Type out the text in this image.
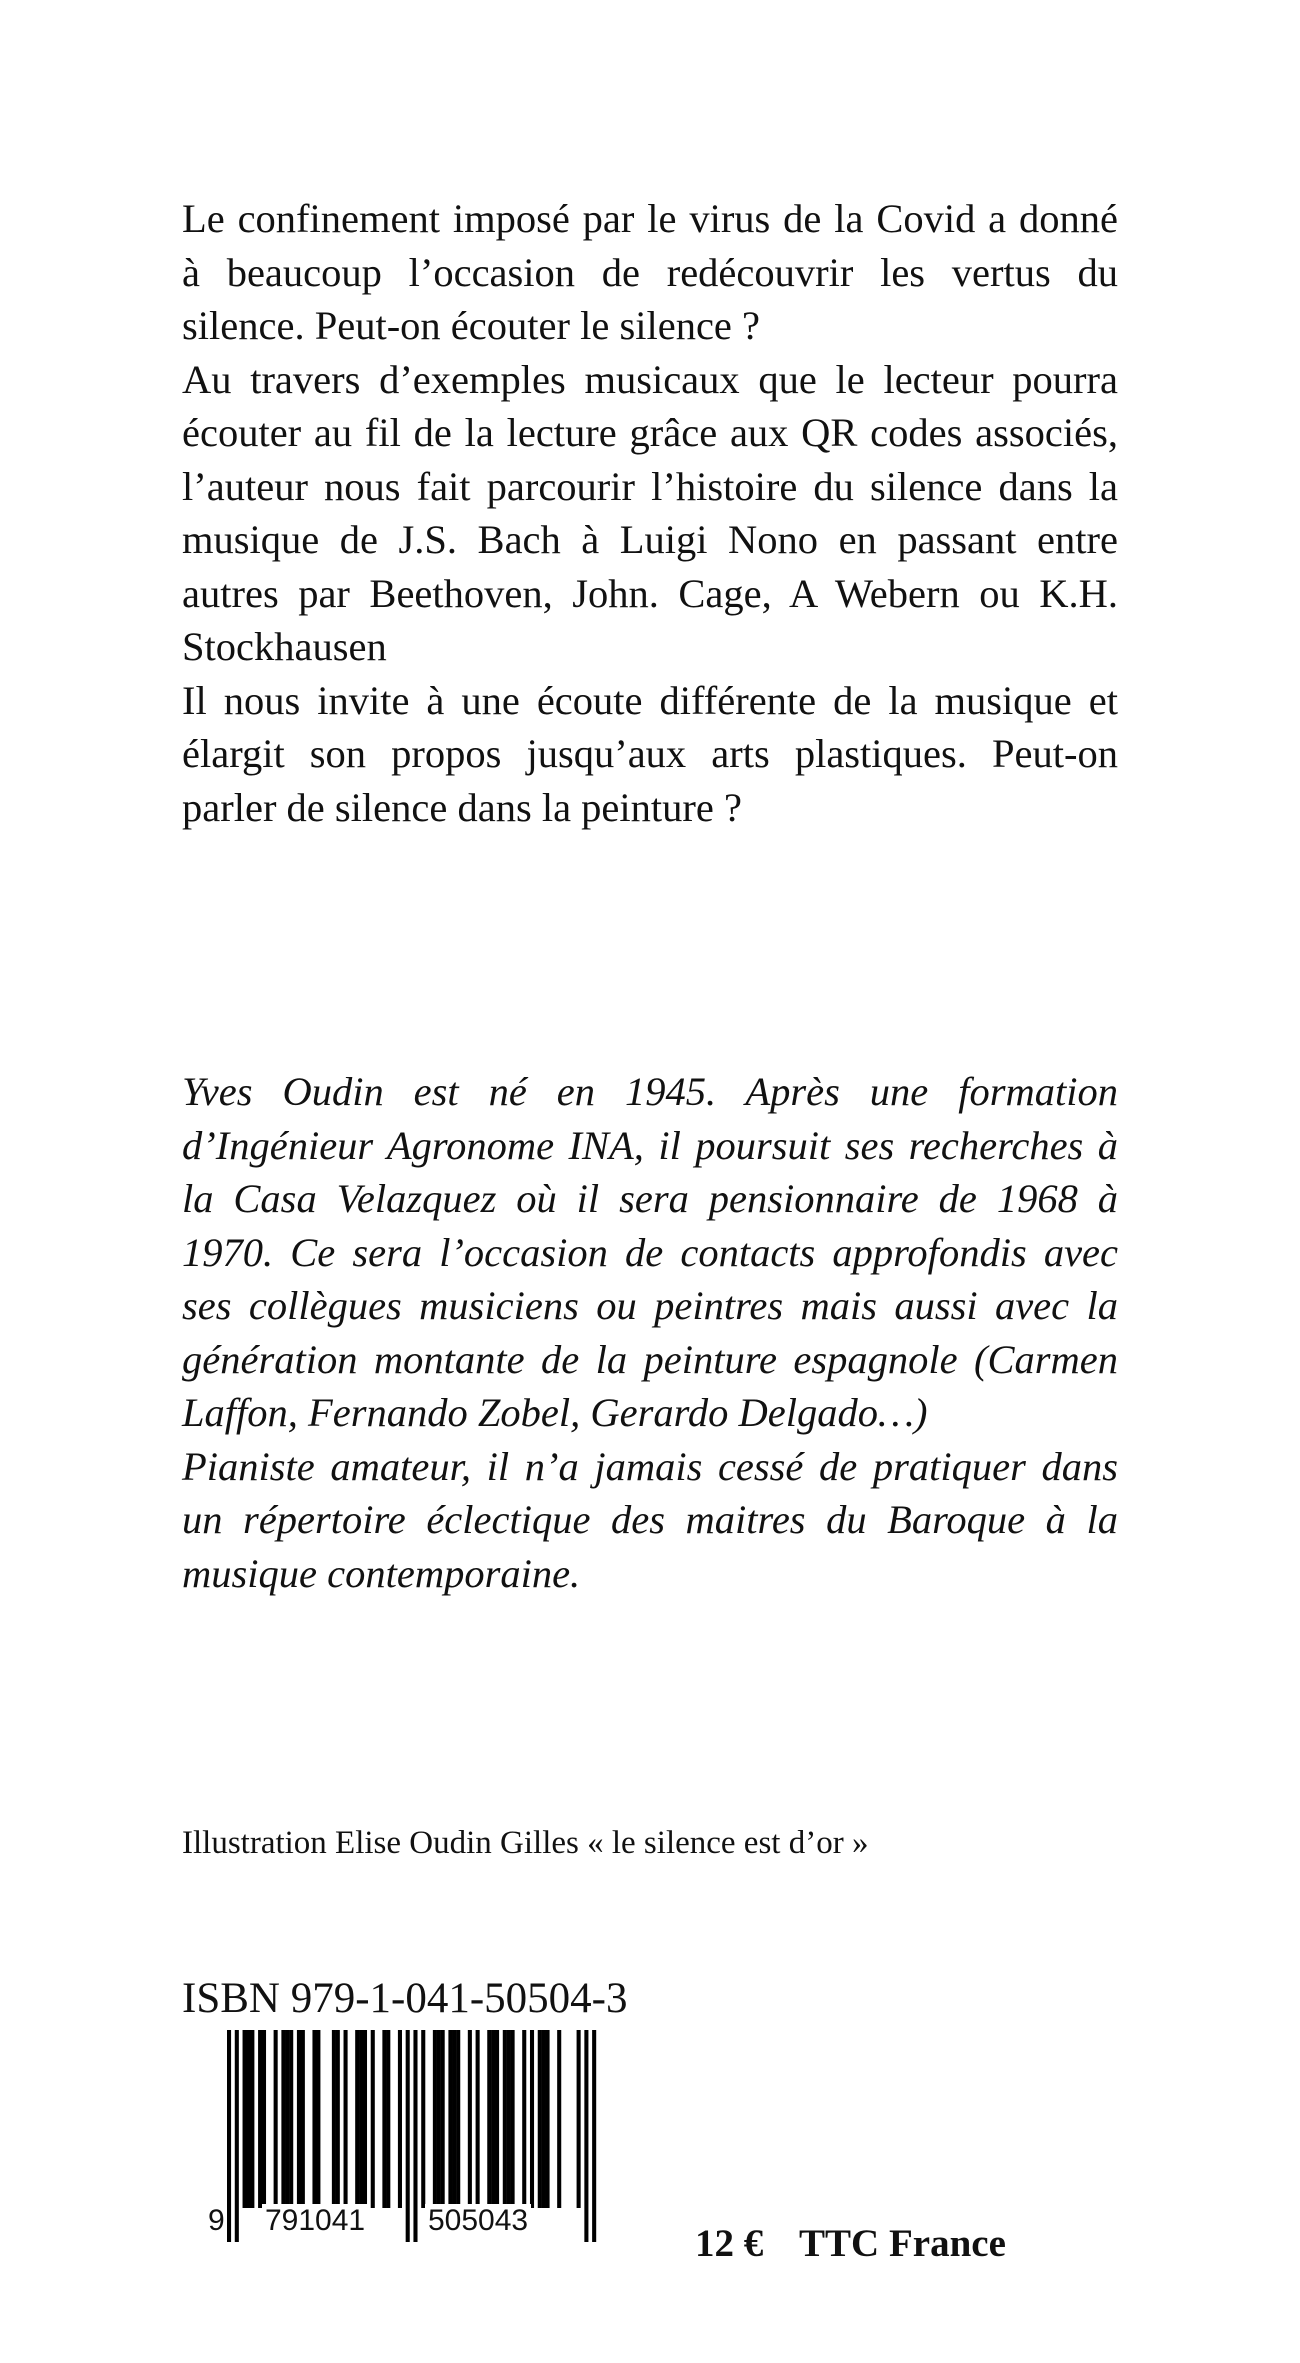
Le confinement imposé par le virus de la Covid a donné à beaucoup l’occasion de redécouvrir les vertus du silence. Peut-on écouter le silence ?

Au travers d’exemples musicaux que le lecteur pourra écouter au fil de la lecture grâce aux QR codes associés, l’auteur nous fait parcourir l’histoire du silence dans la musique de J.S. Bach à Luigi Nono en passant entre autres par Beethoven, John. Cage, A Webern ou K.H. Stockhausen

Il nous invite à une écoute différente de la musique et élargit son propos jusqu’aux arts plastiques. Peut-on parler de silence dans la peinture ?

Yves Oudin est né en 1945. Après une formation d’Ingénieur Agronome INA, il poursuit ses recherches à la Casa Velazquez où il sera pensionnaire de 1968 à 1970. Ce sera l’occasion de contacts approfondis avec ses collègues musiciens ou peintres mais aussi avec la génération montante de la peinture espagnole (Carmen Laffon, Fernando Zobel, Gerardo Delgado…)

Pianiste amateur, il n’a jamais cessé de pratiquer dans un répertoire éclectique des maitres du Baroque à la musique contemporaine.

Illustration Elise Oudin Gilles « le silence est d’or »
ISBN 979-1-041-50504-3
9 791041 505043
12 € TTC France
